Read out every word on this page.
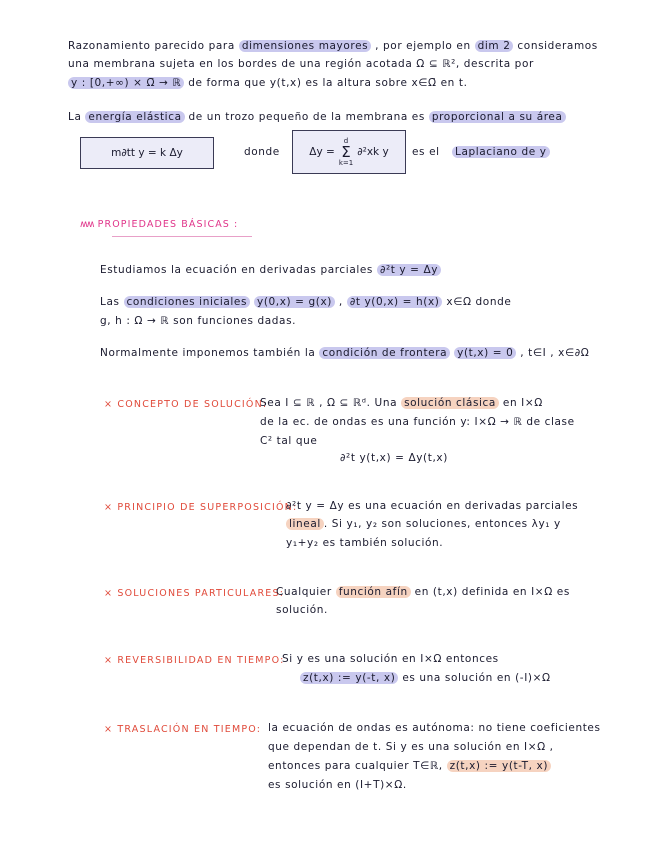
Razonamiento parecido para dimensiones mayores , por ejemplo en dim 2 consideramos
una membrana sujeta en los bordes de una región acotada Ω ⊆ ℝ², descrita por
y : [0,+∞) × Ω̄ → ℝ de forma que y(t,x) es la altura sobre x∈Ω̄ en t.
La energía elástica de un trozo pequeño de la membrana es proporcional a su área
m∂tt y = k Δy	donde	Δy =
d
Σ
k=1
∂²xk y es el Laplaciano de y
ʍʍ PROPIEDADES BÁSICAS :
Estudiamos la ecuación en derivadas parciales ∂²t y = Δy
Las condiciones iniciales y(0,x) = g(x) , ∂t y(0,x) = h(x) x∈Ω donde
g, h : Ω → ℝ son funciones dadas.
Normalmente imponemos también la condición de frontera y(t,x) = 0 , t∈I , x∈∂Ω
× CONCEPTO DE SOLUCIÓN:
Sea I ⊆ ℝ , Ω ⊆ ℝᵈ. Una solución clásica en I×Ω
de la ec. de ondas es una función y: I×Ω → ℝ de clase
C² tal que
∂²t y(t,x) = Δy(t,x)
× PRINCIPIO DE SUPERPOSICIÓN:
∂²t y = Δy es una ecuación en derivadas parciales
lineal . Si y₁, y₂ son soluciones, entonces λy₁ y
y₁+y₂ es también solución.
× SOLUCIONES PARTICULARES:
Cualquier función afín en (t,x) definida en I×Ω es
solución.
× REVERSIBILIDAD EN TIEMPO:
Si y es una solución en I×Ω entonces
z(t,x) := y(-t, x) es una solución en (-I)×Ω
× TRASLACIÓN EN TIEMPO: la ecuación de ondas es autónoma: no tiene coeficientes
que dependan de t. Si y es una solución en I×Ω ,
entonces para cualquier T∈ℝ, z(t,x) := y(t-T, x)
es solución en (I+T)×Ω.
